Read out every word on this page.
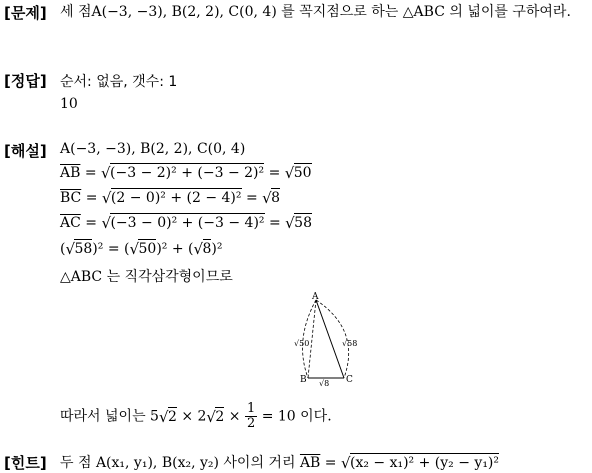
[문제] 세 점A(−3, −3), B(2, 2), C(0, 4) 를 꼭지점으로 하는 △ABC 의 넓이를 구하여라.
[정답] 순서: 없음, 갯수: 1
10
[해설] A(−3, −3), B(2, 2), C(0, 4)
$\overline{AB}$ = √ (−3 − 2)² + (−3 − 2)² = √ 50
$\overline{BC}$ = √ (2 − 0)² + (2 − 4)² = √ 8
$\overline{AC}$ = √ (−3 − 0)² + (−3 − 4)² = √ 58
( √ 58)² = ( √ 50)² + ( √ 8)²
△ABC 는 직각삼각형이므로
A
B	C
√50	√58
√8
따라서 넓이는 5 √ 2 × 2 √ $2 \times \frac{1}{2} = 10$ 이다.
[힌트] 두 점 A(x₁, y₁), B(x₂, y₂) 사이의 거리 $\overline{AB}$ = √ (x₂ − x₁)² + (y₂ − y₁)²
